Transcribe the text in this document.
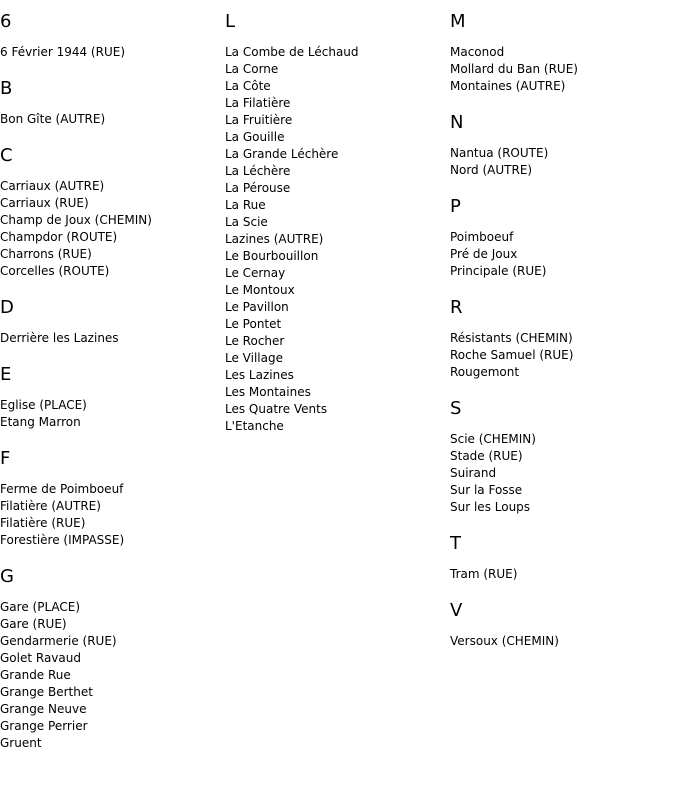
6
6 Février 1944 (RUE)
B
Bon Gîte (AUTRE)
C
Carriaux (AUTRE)
Carriaux (RUE)
Champ de Joux (CHEMIN)
Champdor (ROUTE)
Charrons (RUE)
Corcelles (ROUTE)
D
Derrière les Lazines
E
Eglise (PLACE)
Etang Marron
F
Ferme de Poimboeuf
Filatière (AUTRE)
Filatière (RUE)
Forestière (IMPASSE)
G
Gare (PLACE)
Gare (RUE)
Gendarmerie (RUE)
Golet Ravaud
Grande Rue
Grange Berthet
Grange Neuve
Grange Perrier
Gruent
L
La Combe de Léchaud
La Corne
La Côte
La Filatière
La Fruitière
La Gouille
La Grande Léchère
La Léchère
La Pérouse
La Rue
La Scie
Lazines (AUTRE)
Le Bourbouillon
Le Cernay
Le Montoux
Le Pavillon
Le Pontet
Le Rocher
Le Village
Les Lazines
Les Montaines
Les Quatre Vents
L'Etanche
M
Maconod
Mollard du Ban (RUE)
Montaines (AUTRE)
N
Nantua (ROUTE)
Nord (AUTRE)
P
Poimboeuf
Pré de Joux
Principale (RUE)
R
Résistants (CHEMIN)
Roche Samuel (RUE)
Rougemont
S
Scie (CHEMIN)
Stade (RUE)
Suirand
Sur la Fosse
Sur les Loups
T
Tram (RUE)
V
Versoux (CHEMIN)
